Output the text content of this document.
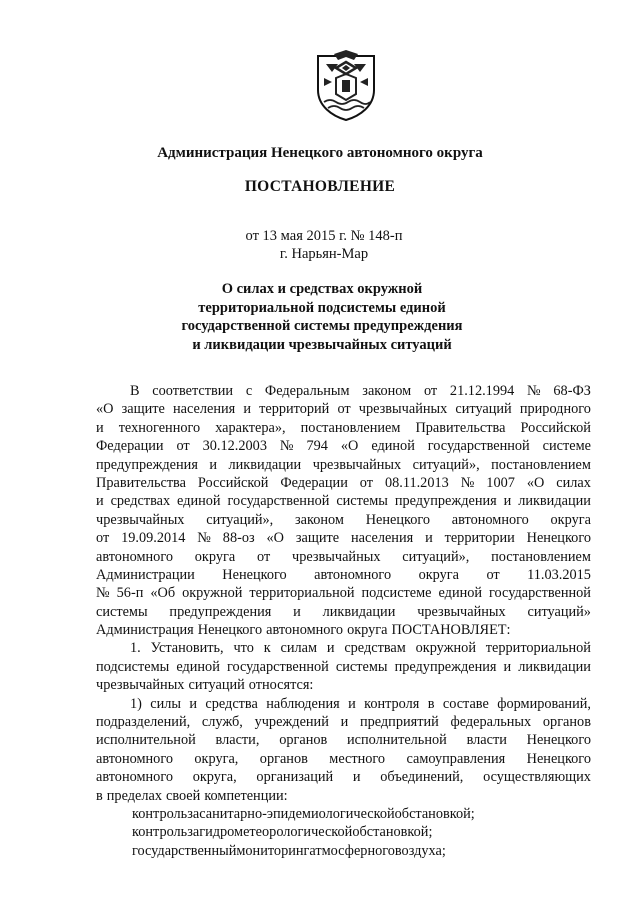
Администрация Ненецкого автономного округа
ПОСТАНОВЛЕНИЕ
от 13 мая 2015 г. № 148-п
г. Нарьян-Мар
О силах и средствах окружной
территориальной подсистемы единой
государственной системы предупреждения
и ликвидации чрезвычайных ситуаций
В соответствии с Федеральным законом от 21.12.1994 № 68-ФЗ
«О защите населения и территорий от чрезвычайных ситуаций природного
и техногенного характера», постановлением Правительства Российской
Федерации от 30.12.2003 № 794 «О единой государственной системе
предупреждения и ликвидации чрезвычайных ситуаций», постановлением
Правительства Российской Федерации от 08.11.2013 № 1007 «О силах
и средствах единой государственной системы предупреждения и ликвидации
чрезвычайных ситуаций», законом Ненецкого автономного округа
от 19.09.2014 № 88-оз «О защите населения и территории Ненецкого
автономного округа от чрезвычайных ситуаций», постановлением
Администрации Ненецкого автономного округа от 11.03.2015
№ 56-п «Об окружной территориальной подсистеме единой государственной
системы предупреждения и ликвидации чрезвычайных ситуаций»
Администрация Ненецкого автономного округа ПОСТАНОВЛЯЕТ:
1. Установить, что к силам и средствам окружной территориальной
подсистемы единой государственной системы предупреждения и ликвидации
чрезвычайных ситуаций относятся:
1) силы и средства наблюдения и контроля в составе формирований,
подразделений, служб, учреждений и предприятий федеральных органов
исполнительной власти, органов исполнительной власти Ненецкого
автономного округа, органов местного самоуправления Ненецкого
автономного округа, организаций и объединений, осуществляющих
в пределах своей компетенции:
контроль за санитарно-эпидемиологической обстановкой;
контроль за гидрометеорологической обстановкой;
государственный мониторинг атмосферного воздуха;
